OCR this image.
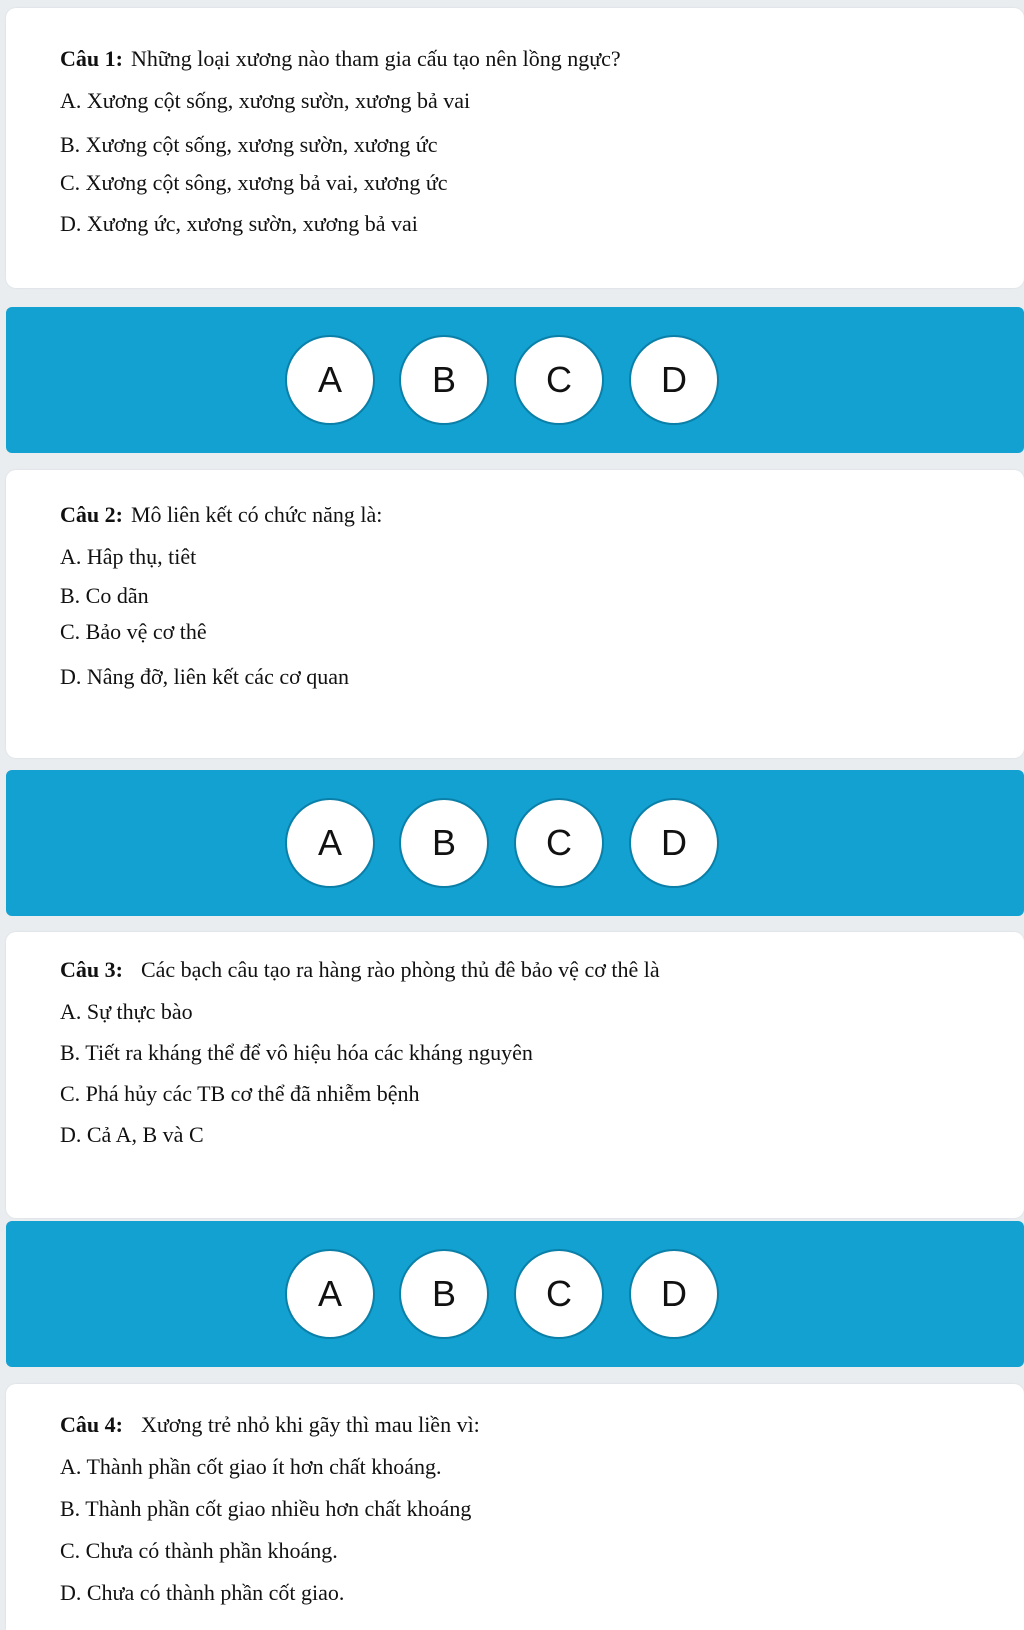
Câu 1: Những loại xương nào tham gia cấu tạo nên lồng ngực?
A. Xương cột sống, xương sườn, xương bả vai
B. Xương cột sống, xương sườn, xương ức
C. Xương cột sông, xương bả vai, xương ức
D. Xương ức, xương sườn, xương bả vai
A	B	C	D
Câu 2: Mô liên kết có chức năng là:
A. Hâp thụ, tiêt
B. Co dãn
C. Bảo vệ cơ thê
D. Nâng đỡ, liên kết các cơ quan
A	B	C	D
Câu 3: Các bạch câu tạo ra hàng rào phòng thủ đê bảo vệ cơ thê là
A. Sự thực bào
B. Tiết ra kháng thể để vô hiệu hóa các kháng nguyên
C. Phá hủy các TB cơ thể đã nhiễm bệnh
D. Cả A, B và C
A	B	C	D
Câu 4: Xương trẻ nhỏ khi gãy thì mau liền vì:
A. Thành phần cốt giao ít hơn chất khoáng.
B. Thành phần cốt giao nhiều hơn chất khoáng
C. Chưa có thành phần khoáng.
D. Chưa có thành phần cốt giao.
